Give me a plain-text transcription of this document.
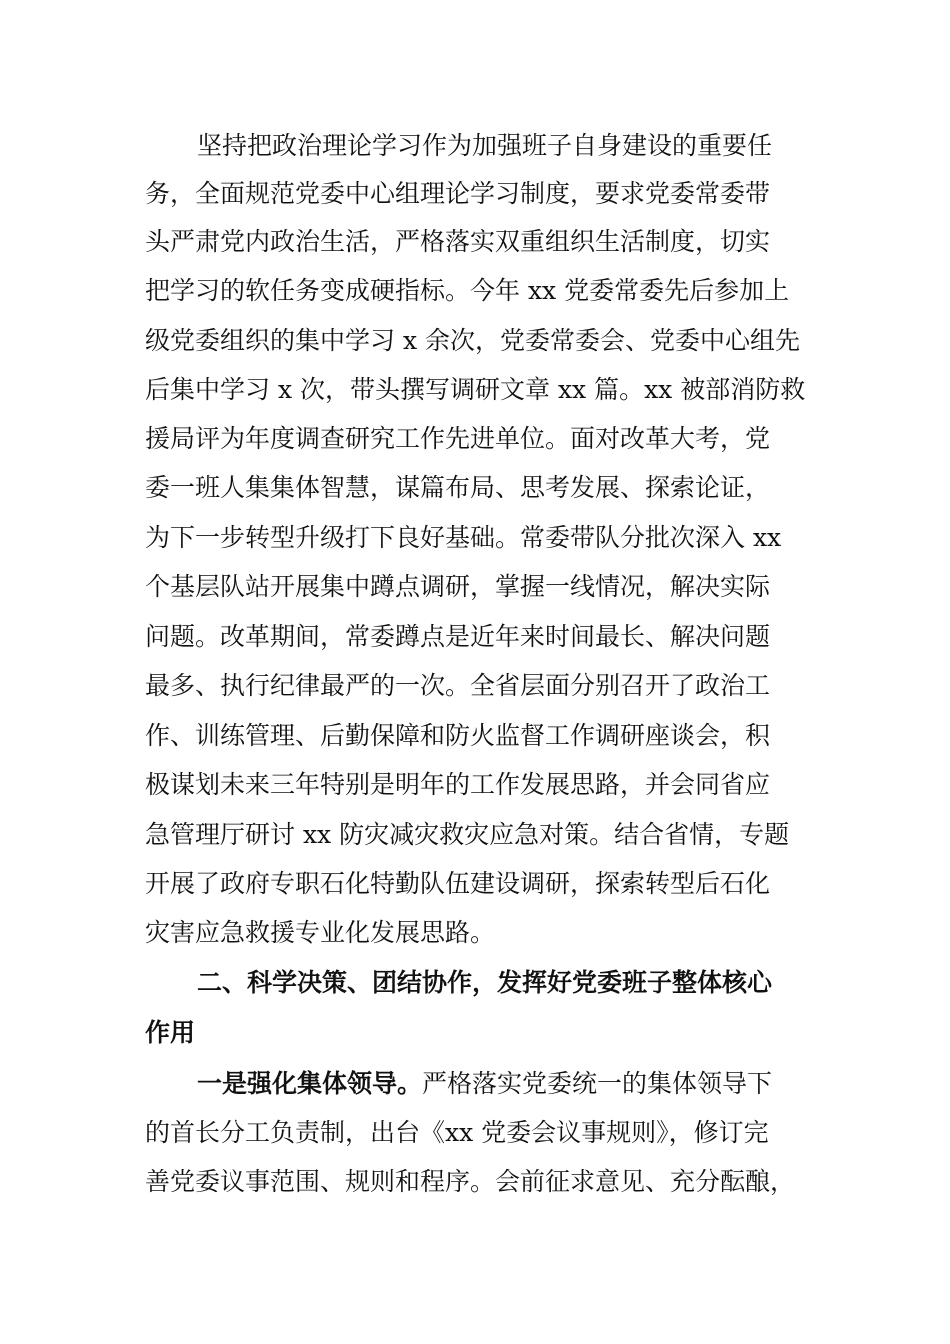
坚持把政治理论学习作为加强班子自身建设的重要任
务，全面规范党委中心组理论学习制度，要求党委常委带
头严肃党内政治生活，严格落实双重组织生活制度，切实
把学习的软任务变成硬指标。今年 xx 党委常委先后参加上
级党委组织的集中学习 x 余次，党委常委会、党委中心组先
后集中学习 x 次，带头撰写调研文章 xx 篇。xx 被部消防救
援局评为年度调查研究工作先进单位。面对改革大考，党
委一班人集集体智慧，谋篇布局、思考发展、探索论证，
为下一步转型升级打下良好基础。常委带队分批次深入 xx
个基层队站开展集中蹲点调研，掌握一线情况，解决实际
问题。改革期间，常委蹲点是近年来时间最长、解决问题
最多、执行纪律最严的一次。全省层面分别召开了政治工
作、训练管理、后勤保障和防火监督工作调研座谈会，积
极谋划未来三年特别是明年的工作发展思路，并会同省应
急管理厅研讨 xx 防灾减灾救灾应急对策。结合省情，专题
开展了政府专职石化特勤队伍建设调研，探索转型后石化
灾害应急救援专业化发展思路。
二、科学决策、团结协作，发挥好党委班子整体核心
作用
一是强化集体领导。严格落实党委统一的集体领导下
的首长分工负责制，出台《xx 党委会议事规则》，修订完
善党委议事范围、规则和程序。会前征求意见、充分酝酿，
